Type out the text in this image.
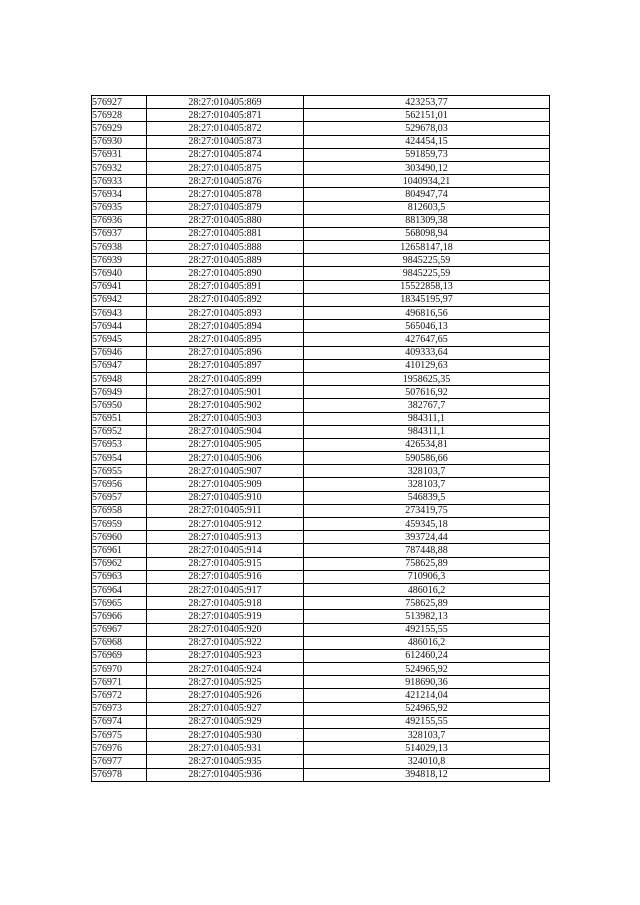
576927	28:27:010405:869	423253,77
576928	28:27:010405:871	562151,01
576929	28:27:010405:872	529678,03
576930	28:27:010405:873	424454,15
576931	28:27:010405:874	591859,73
576932	28:27:010405:875	303490,12
576933	28:27:010405:876	1040934,21
576934	28:27:010405:878	804947,74
576935	28:27:010405:879	812603,5
576936	28:27:010405:880	881309,38
576937	28:27:010405:881	568098,94
576938	28:27:010405:888	12658147,18
576939	28:27:010405:889	9845225,59
576940	28:27:010405:890	9845225,59
576941	28:27:010405:891	15522858,13
576942	28:27:010405:892	18345195,97
576943	28:27:010405:893	496816,56
576944	28:27:010405:894	565046,13
576945	28:27:010405:895	427647,65
576946	28:27:010405:896	409333,64
576947	28:27:010405:897	410129,63
576948	28:27:010405:899	1958625,35
576949	28:27:010405:901	507616,92
576950	28:27:010405:902	382767,7
576951	28:27:010405:903	984311,1
576952	28:27:010405:904	984311,1
576953	28:27:010405:905	426534,81
576954	28:27:010405:906	590586,66
576955	28:27:010405:907	328103,7
576956	28:27:010405:909	328103,7
576957	28:27:010405:910	546839,5
576958	28:27:010405:911	273419,75
576959	28:27:010405:912	459345,18
576960	28:27:010405:913	393724,44
576961	28:27:010405:914	787448,88
576962	28:27:010405:915	758625,89
576963	28:27:010405:916	710906,3
576964	28:27:010405:917	486016,2
576965	28:27:010405:918	758625,89
576966	28:27:010405:919	513982,13
576967	28:27:010405:920	492155,55
576968	28:27:010405:922	486016,2
576969	28:27:010405:923	612460,24
576970	28:27:010405:924	524965,92
576971	28:27:010405:925	918690,36
576972	28:27:010405:926	421214,04
576973	28:27:010405:927	524965,92
576974	28:27:010405:929	492155,55
576975	28:27:010405:930	328103,7
576976	28:27:010405:931	514029,13
576977	28:27:010405:935	324010,8
576978	28:27:010405:936	394818,12
